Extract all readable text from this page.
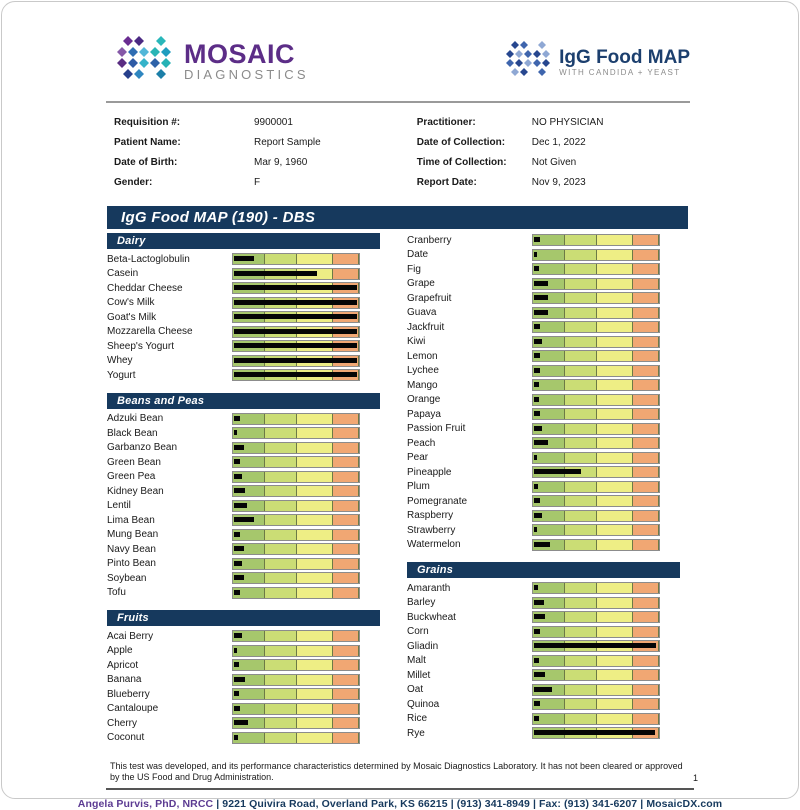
MOSAIC
DIAGNOSTICS
IgG Food MAP
WITH CANDIDA + YEAST
Requisition #:	9900001
Patient Name:	Report Sample
Date of Birth:	Mar 9, 1960
Gender:	F
Practitioner:	NO PHYSICIAN
Date of Collection:	Dec 1, 2022
Time of Collection:	Not Given
Report Date:	Nov 9, 2023
IgG Food MAP (190) - DBS
Dairy
Beta-Lactoglobulin
Casein
Cheddar Cheese
Cow's Milk
Goat's Milk
Mozzarella Cheese
Sheep's Yogurt
Whey
Yogurt
Beans and Peas
Adzuki Bean
Black Bean
Garbanzo Bean
Green Bean
Green Pea
Kidney Bean
Lentil
Lima Bean
Mung Bean
Navy Bean
Pinto Bean
Soybean
Tofu
Fruits
Acai Berry
Apple
Apricot
Banana
Blueberry
Cantaloupe
Cherry
Coconut
Cranberry
Date
Fig
Grape
Grapefruit
Guava
Jackfruit
Kiwi
Lemon
Lychee
Mango
Orange
Papaya
Passion Fruit
Peach
Pear
Pineapple
Plum
Pomegranate
Raspberry
Strawberry
Watermelon
Grains
Amaranth
Barley
Buckwheat
Corn
Gliadin
Malt
Millet
Oat
Quinoa
Rice
Rye
This test was developed, and its performance characteristics determined by Mosaic Diagnostics Laboratory. It has not been cleared or approved by the US Food and Drug Administration.	1
Angela Purvis, PhD, NRCC | 9221 Quivira Road, Overland Park, KS 66215 | (913) 341-8949 | Fax: (913) 341-6207 | MosaicDX.com
